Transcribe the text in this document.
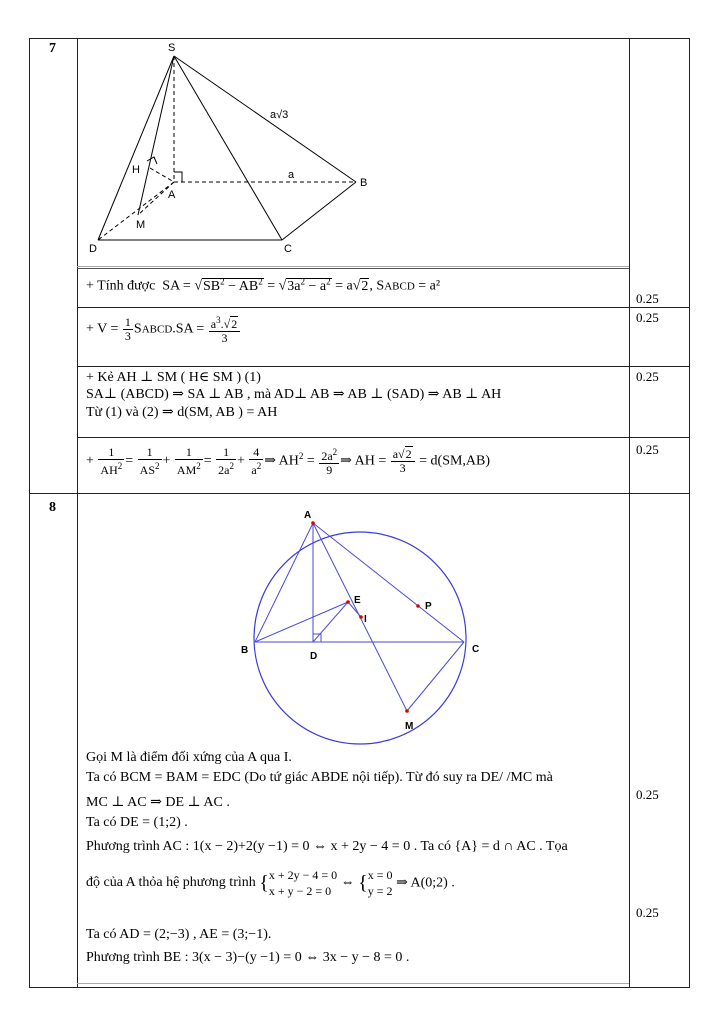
7
8
S
H
A
B
C
D
M
a√3
a
+ Tính được  SA = $√SB^2 - AB^2 = √3a^2 - a^2 = a√2$, SABCD = a²
+ $V = \frac{1}{3}$ SABCD.SA = $\frac{a^3.√2}{3}$
+ Kẻ AH ⊥ SM ( H∈ SM ) (1)
SA⊥ (ABCD) ⇒ SA ⊥ AB , mà AD⊥ AB ⇒ AB ⊥ (SAD) ⇒ AB ⊥ AH
Từ (1) và (2) ⇒ d(SM, AB ) = AH
+ $\frac{1}{AH^2} = \frac{1}{AS^2} + \frac{1}{AM^2} = \frac{1}{2a^2} + \frac{4}{a^2}$ ⇒ $AH^2 = \frac{2a^2}{9}$ ⇒ AH = $\frac{a√2}{3} = d(SM,AB)$
0.25
0.25
0.25
0.25
A
B	C
D
E
I
P
M
Gọi M là điểm đối xứng của A qua I.
Ta có BCM = BAM = EDC (Do tứ giác ABDE nội tiếp). Từ đó suy ra DE/ /MC mà
MC ⊥ AC ⇒ DE ⊥ AC .
Ta có DE = (1;2) .
Phương trình AC : 1(x − 2)+2(y −1) = 0 ⇔ x + 2y − 4 = 0 . Ta có {A} = d ∩ AC . Tọa
độ của A thỏa hệ phương trình {x + 2y − 4 = 0
x + y − 2 = 0 ⇔ {x = 0
y = 2 ⇒ A(0;2) .
Ta có AD = (2;−3) , AE = (3;−1).
Phương trình BE : 3(x − 3)−(y −1) = 0 ⇔ 3x − y − 8 = 0 .
0.25
0.25
